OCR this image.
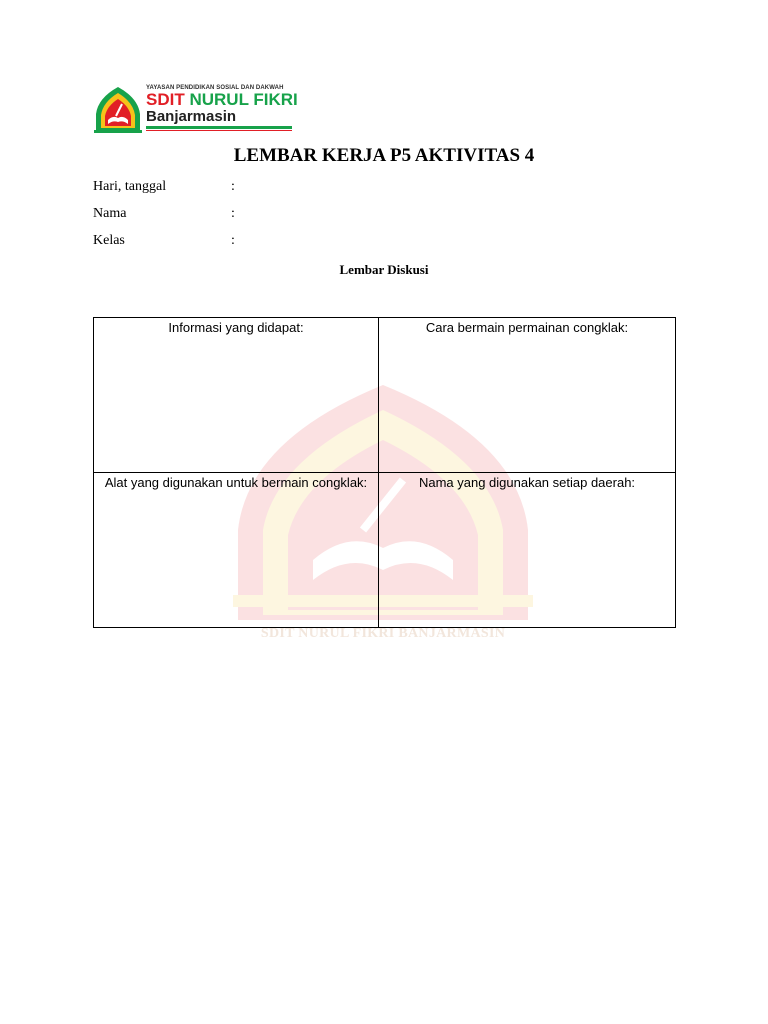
YAYASAN PENDIDIKAN SOSIAL DAN DAKWAH
SDIT NURUL FIKRI
Banjarmasin
SDIT NURUL FIKRI BANJARMASIN
LEMBAR KERJA P5 AKTIVITAS 4
Hari, tanggal	:
Nama	:
Kelas	:
Lembar Diskusi
Informasi yang didapat:	Cara bermain permainan congklak:
Alat yang digunakan untuk bermain congklak:	Nama yang digunakan setiap daerah:
